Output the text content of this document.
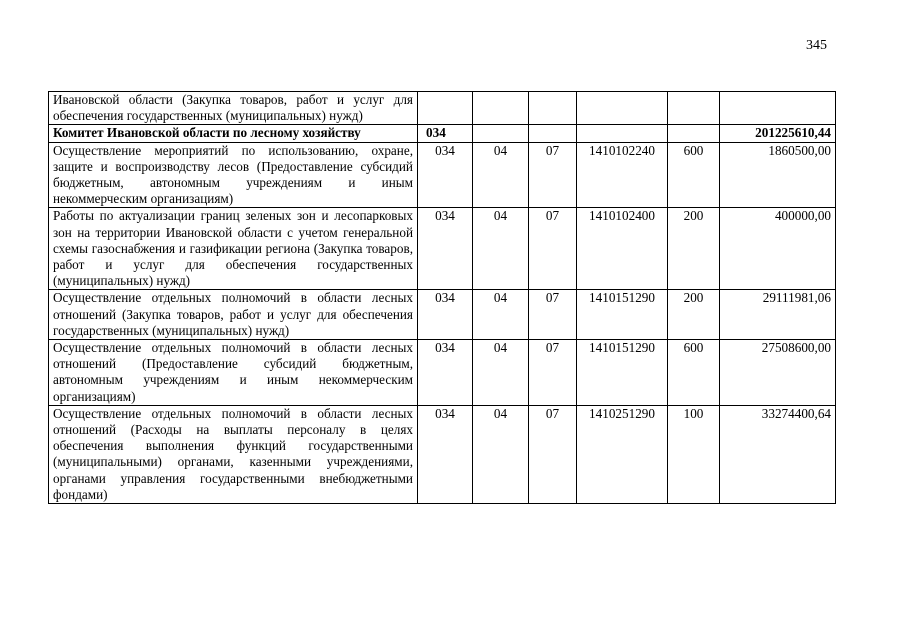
345
Ивановской области (Закупка товаров, работ и услуг для обеспечения государственных (муниципальных) нужд)						
Комитет Ивановской области по лесному хозяйству	034					201225610,44
Осуществление мероприятий по использованию, охране, защите и воспроизводству лесов (Предоставление субсидий бюджетным, автономным учреждениям и иным некоммерческим организациям)	034	04	07	1410102240	600	1860500,00
Работы по актуализации границ зеленых зон и лесопарковых зон на территории Ивановской области с учетом генеральной схемы газоснабжения и газификации региона (Закупка товаров, работ и услуг для обеспечения государственных (муниципальных) нужд)	034	04	07	1410102400	200	400000,00
Осуществление отдельных полномочий в области лесных отношений (Закупка товаров, работ и услуг для обеспечения государственных (муниципальных) нужд)	034	04	07	1410151290	200	29111981,06
Осуществление отдельных полномочий в области лесных отношений (Предоставление субсидий бюджетным, автономным учреждениям и иным некоммерческим организациям)	034	04	07	1410151290	600	27508600,00
Осуществление отдельных полномочий в области лесных отношений (Расходы на выплаты персоналу в целях обеспечения выполнения функций государственными (муниципальными) органами, казенными учреждениями, органами управления государственными внебюджетными фондами)	034	04	07	1410251290	100	33274400,64
